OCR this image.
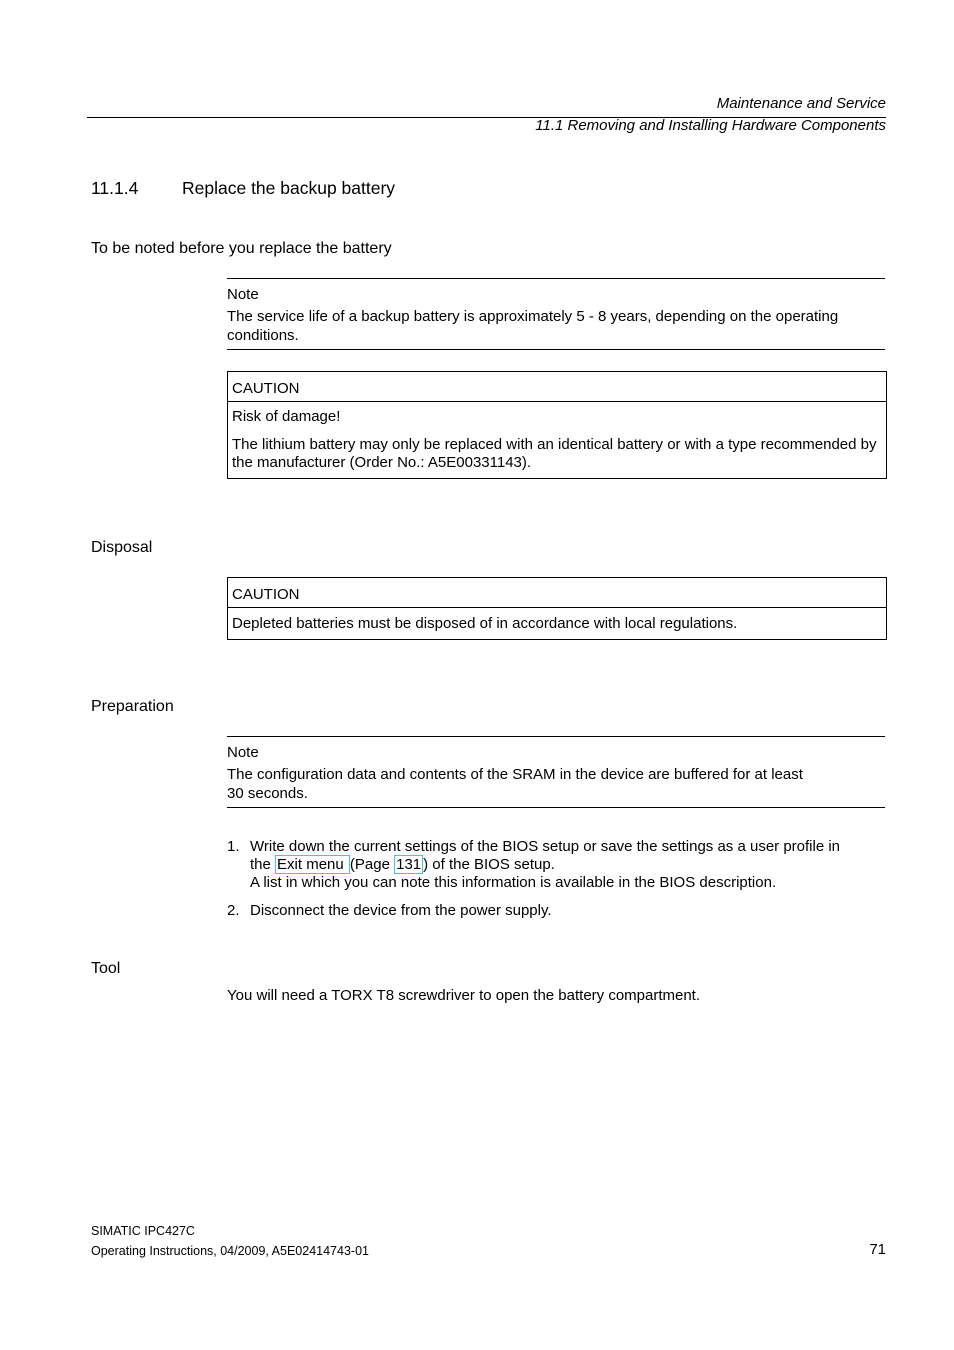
Maintenance and Service
11.1 Removing and Installing Hardware Components
11.1.4 Replace the backup battery
To be noted before you replace the battery
Note
The service life of a backup battery is approximately 5 - 8 years, depending on the operating conditions.
CAUTION
Risk of damage!
The lithium battery may only be replaced with an identical battery or with a type recommended by the manufacturer (Order No.: A5E00331143).
Disposal
CAUTION
Depleted batteries must be disposed of in accordance with local regulations.
Preparation
Note
The configuration data and contents of the SRAM in the device are buffered for at least
30 seconds.
1. Write down the current settings of the BIOS setup or save the settings as a user profile in
the Exit menu (Page 131 ) of the BIOS setup.
A list in which you can note this information is available in the BIOS description.
2. Disconnect the device from the power supply.
Tool
You will need a TORX T8 screwdriver to open the battery compartment.
SIMATIC IPC427C
Operating Instructions, 04/2009, A5E02414743-01	71
